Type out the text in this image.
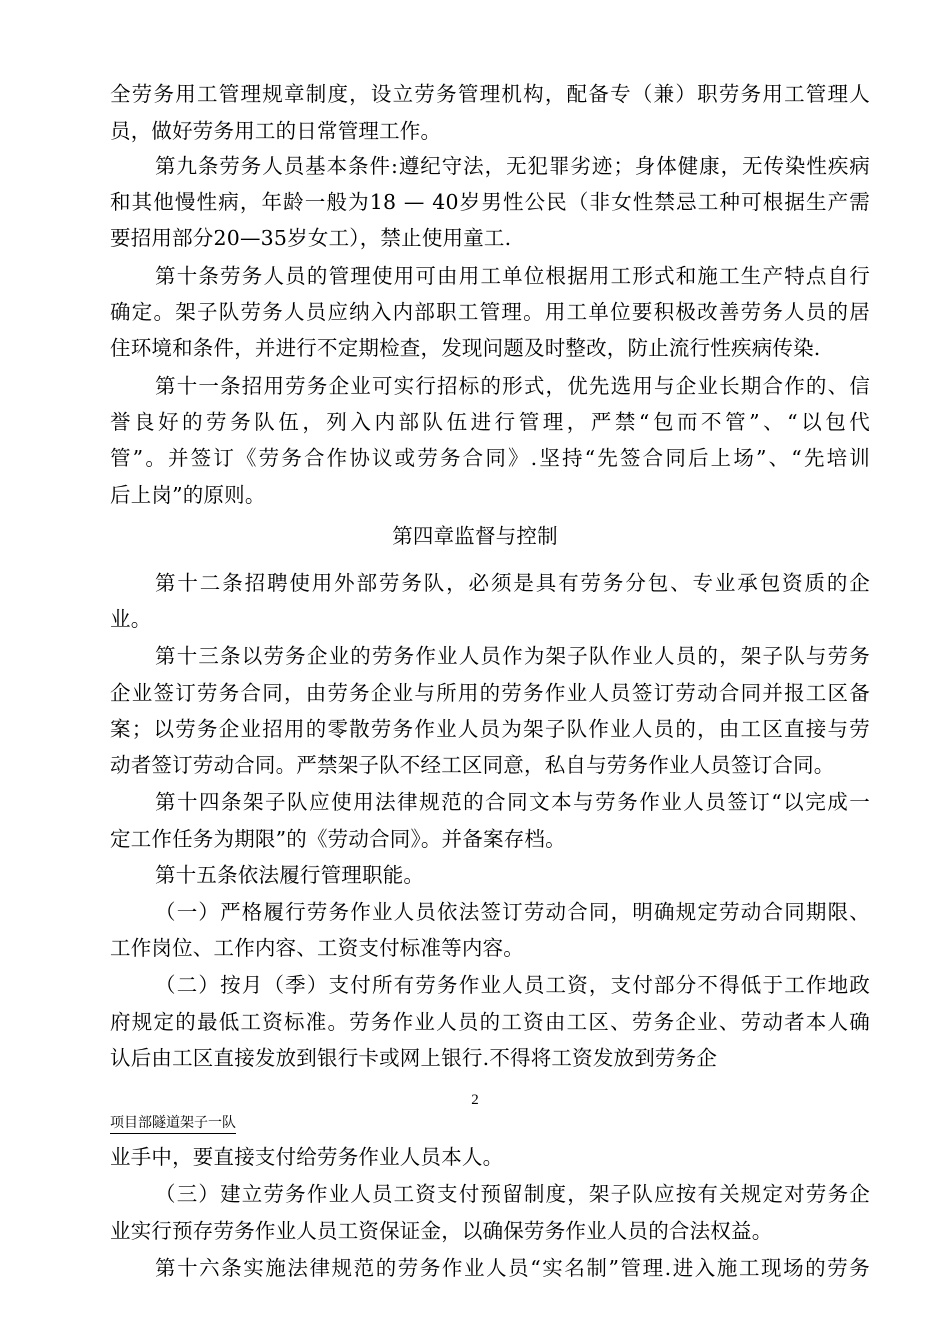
全劳务用工管理规章制度，设立劳务管理机构，配备专（兼）职劳务用工管理人
员，做好劳务用工的日常管理工作。
第九条劳务人员基本条件:遵纪守法，无犯罪劣迹；身体健康，无传染性疾病
和其他慢性病，年龄一般为18 — 40岁男性公民（非女性禁忌工种可根据生产需
要招用部分20—35岁女工），禁止使用童工.
第十条劳务人员的管理使用可由用工单位根据用工形式和施工生产特点自行
确定。架子队劳务人员应纳入内部职工管理。用工单位要积极改善劳务人员的居
住环境和条件，并进行不定期检查，发现问题及时整改，防止流行性疾病传染.
第十一条招用劳务企业可实行招标的形式，优先选用与企业长期合作的、信
誉良好的劳务队伍，列入内部队伍进行管理，严禁“包而不管”、“以包代
管”。并签订《劳务合作协议或劳务合同》.坚持“先签合同后上场”、“先培训
后上岗”的原则。
第四章监督与控制
第十二条招聘使用外部劳务队，必须是具有劳务分包、专业承包资质的企
业。
第十三条以劳务企业的劳务作业人员作为架子队作业人员的，架子队与劳务
企业签订劳务合同，由劳务企业与所用的劳务作业人员签订劳动合同并报工区备
案；以劳务企业招用的零散劳务作业人员为架子队作业人员的，由工区直接与劳
动者签订劳动合同。严禁架子队不经工区同意，私自与劳务作业人员签订合同。
第十四条架子队应使用法律规范的合同文本与劳务作业人员签订“以完成一
定工作任务为期限”的《劳动合同》。并备案存档。
第十五条依法履行管理职能。
（一）严格履行劳务作业人员依法签订劳动合同，明确规定劳动合同期限、
工作岗位、工作内容、工资支付标准等内容。
（二）按月（季）支付所有劳务作业人员工资，支付部分不得低于工作地政
府规定的最低工资标准。劳务作业人员的工资由工区、劳务企业、劳动者本人确
认后由工区直接发放到银行卡或网上银行.不得将工资发放到劳务企
2
项目部隧道架子一队
业手中，要直接支付给劳务作业人员本人。
（三）建立劳务作业人员工资支付预留制度，架子队应按有关规定对劳务企
业实行预存劳务作业人员工资保证金，以确保劳务作业人员的合法权益。
第十六条实施法律规范的劳务作业人员“实名制”管理.进入施工现场的劳务
